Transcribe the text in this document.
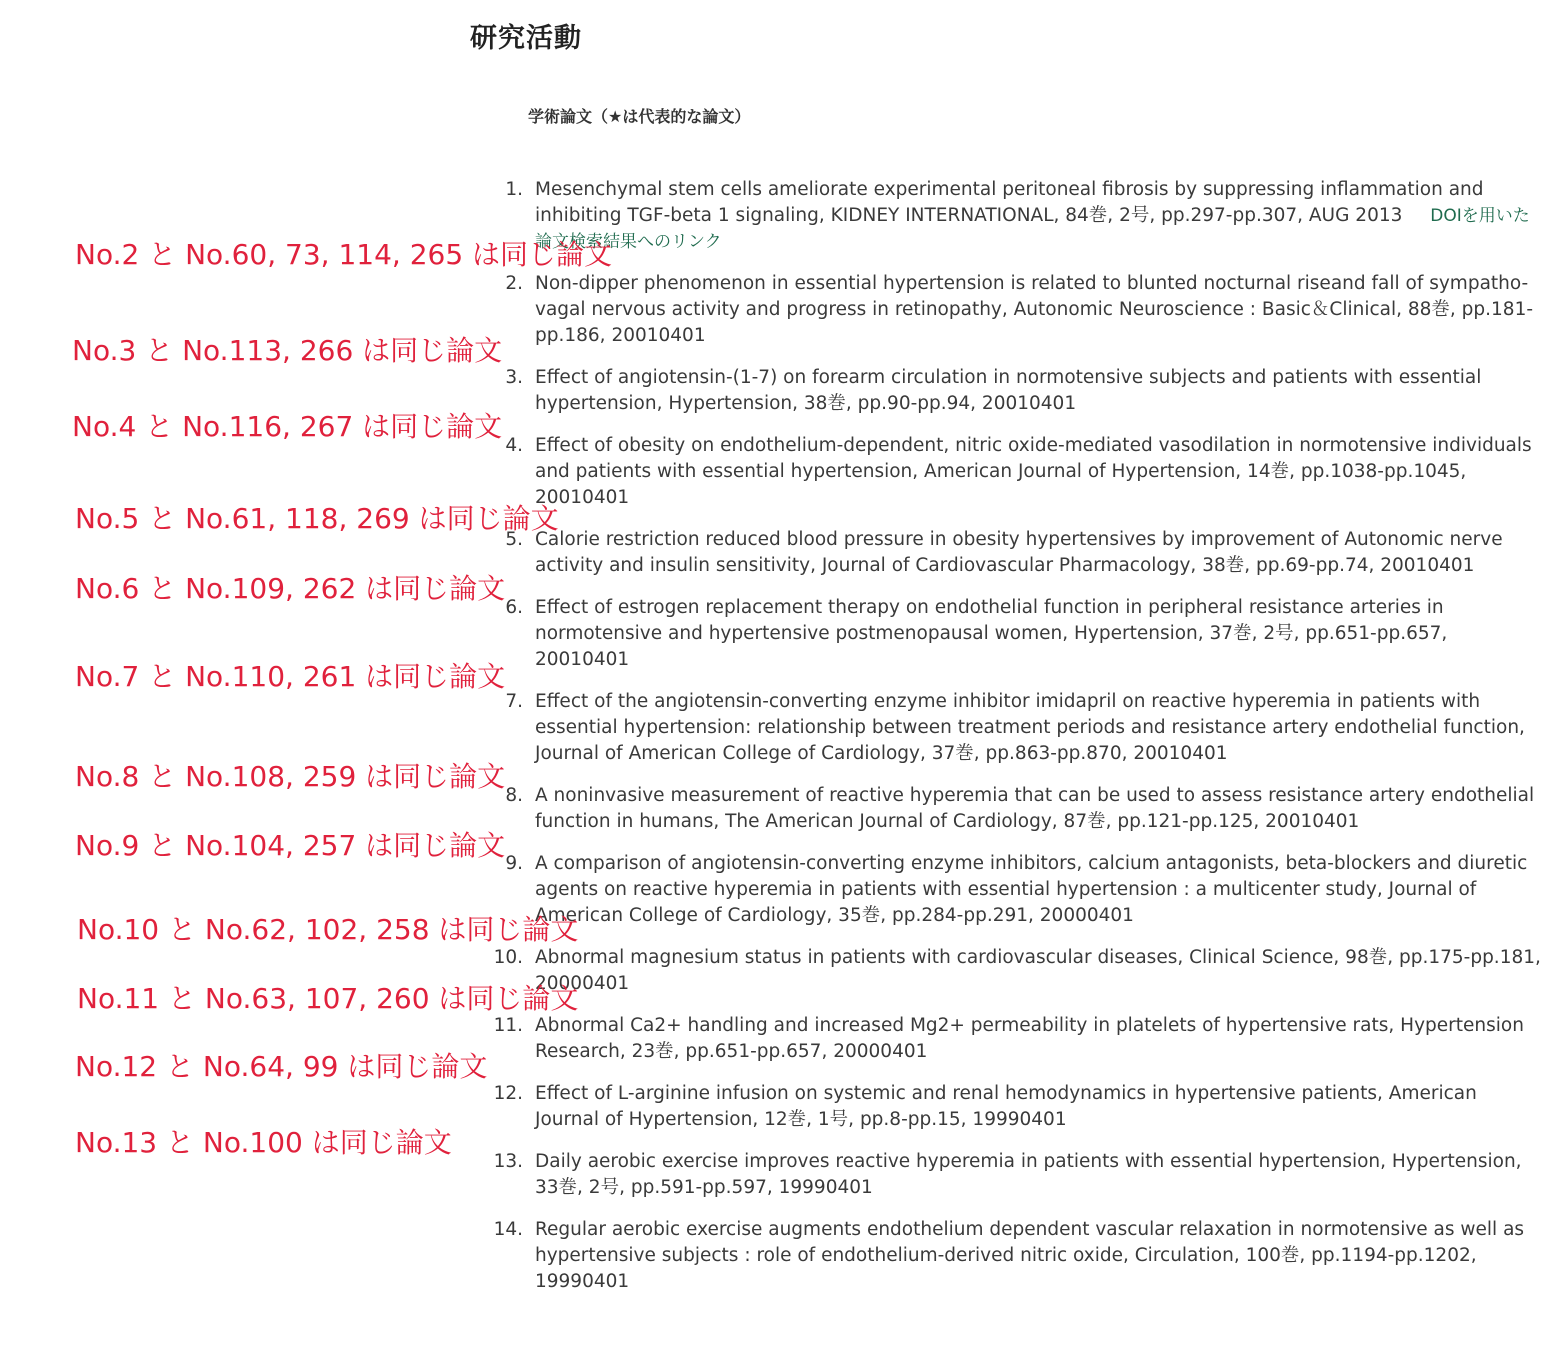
研究活動
学術論文（★は代表的な論文）
1. Mesenchymal stem cells ameliorate experimental peritoneal fibrosis by suppressing inflammation and inhibiting TGF-beta 1 signaling, KIDNEY INTERNATIONAL, 84巻, 2号, pp.297-pp.307, AUG 2013 DOIを用いた論文検索結果へのリンク
2. Non-dipper phenomenon in essential hypertension is related to blunted nocturnal riseand fall of sympatho-vagal nervous activity and progress in retinopathy, Autonomic Neuroscience : Basic＆Clinical, 88巻, pp.181-pp.186, 20010401
3. Effect of angiotensin-(1-7) on forearm circulation in normotensive subjects and patients with essential hypertension, Hypertension, 38巻, pp.90-pp.94, 20010401
4. Effect of obesity on endothelium-dependent, nitric oxide-mediated vasodilation in normotensive individuals and patients with essential hypertension, American Journal of Hypertension, 14巻, pp.1038-pp.1045, 20010401
5. Calorie restriction reduced blood pressure in obesity hypertensives by improvement of Autonomic nerve activity and insulin sensitivity, Journal of Cardiovascular Pharmacology, 38巻, pp.69-pp.74, 20010401
6. Effect of estrogen replacement therapy on endothelial function in peripheral resistance arteries in normotensive and hypertensive postmenopausal women, Hypertension, 37巻, 2号, pp.651-pp.657, 20010401
7. Effect of the angiotensin-converting enzyme inhibitor imidapril on reactive hyperemia in patients with essential hypertension: relationship between treatment periods and resistance artery endothelial function, Journal of American College of Cardiology, 37巻, pp.863-pp.870, 20010401
8. A noninvasive measurement of reactive hyperemia that can be used to assess resistance artery endothelial function in humans, The American Journal of Cardiology, 87巻, pp.121-pp.125, 20010401
9. A comparison of angiotensin-converting enzyme inhibitors, calcium antagonists, beta-blockers and diuretic agents on reactive hyperemia in patients with essential hypertension : a multicenter study, Journal of American College of Cardiology, 35巻, pp.284-pp.291, 20000401
10. Abnormal magnesium status in patients with cardiovascular diseases, Clinical Science, 98巻, pp.175-pp.181, 20000401
11. Abnormal Ca2+ handling and increased Mg2+ permeability in platelets of hypertensive rats, Hypertension Research, 23巻, pp.651-pp.657, 20000401
12. Effect of L-arginine infusion on systemic and renal hemodynamics in hypertensive patients, American Journal of Hypertension, 12巻, 1号, pp.8-pp.15, 19990401
13. Daily aerobic exercise improves reactive hyperemia in patients with essential hypertension, Hypertension, 33巻, 2号, pp.591-pp.597, 19990401
14. Regular aerobic exercise augments endothelium dependent vascular relaxation in normotensive as well as hypertensive subjects : role of endothelium-derived nitric oxide, Circulation, 100巻, pp.1194-pp.1202, 19990401

No.2 と No.60, 73, 114, 265 は同じ論文

No.3 と No.113, 266 は同じ論文

No.4 と No.116, 267 は同じ論文

No.5 と No.61, 118, 269 は同じ論文

No.6 と No.109, 262 は同じ論文

No.7 と No.110, 261 は同じ論文

No.8 と No.108, 259 は同じ論文

No.9 と No.104, 257 は同じ論文

No.10 と No.62, 102, 258 は同じ論文

No.11 と No.63, 107, 260 は同じ論文

No.12 と No.64, 99 は同じ論文

No.13 と No.100 は同じ論文
